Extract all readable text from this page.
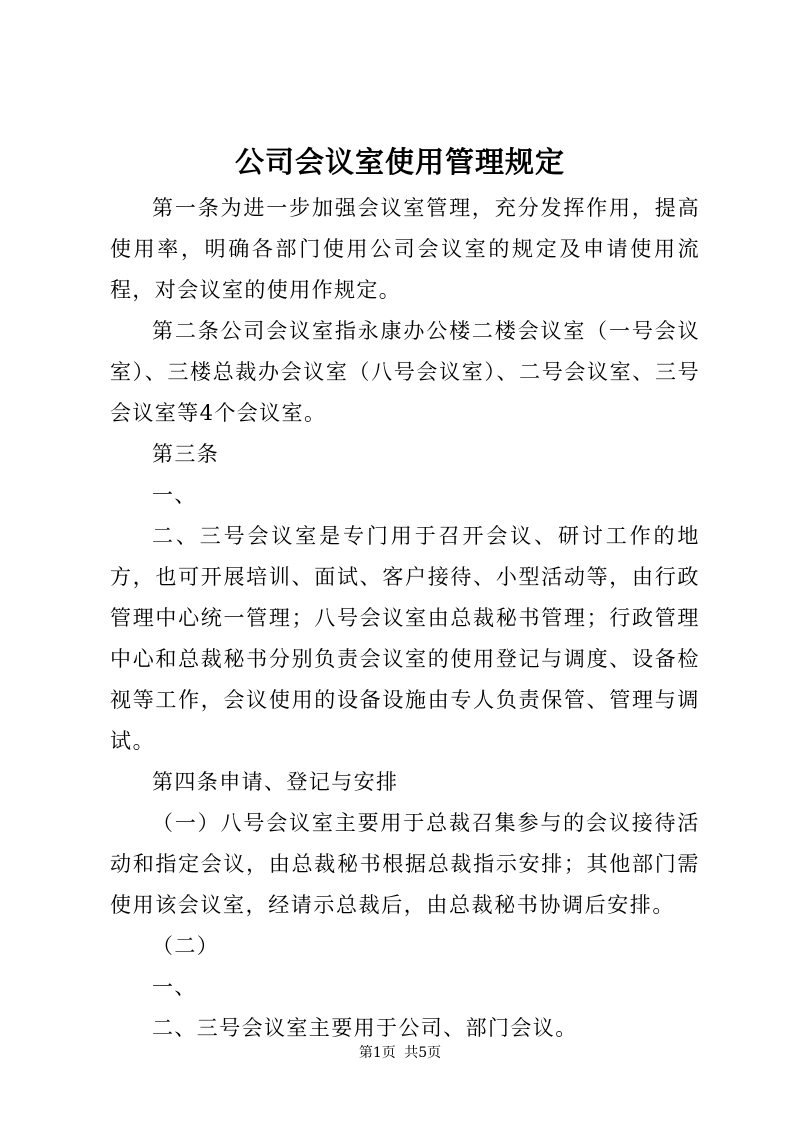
公司会议室使用管理规定

第一条为进一步加强会议室管理，充分发挥作用，提高使用率，明确各部门使用公司会议室的规定及申请使用流程，对会议室的使用作规定。

第二条公司会议室指永康办公楼二楼会议室（一号会议室）、三楼总裁办会议室（八号会议室）、二号会议室、三号会议室等4个会议室。

第三条

一、

二、三号会议室是专门用于召开会议、研讨工作的地方，也可开展培训、面试、客户接待、小型活动等，由行政管理中心统一管理；八号会议室由总裁秘书管理；行政管理中心和总裁秘书分别负责会议室的使用登记与调度、设备检视等工作，会议使用的设备设施由专人负责保管、管理与调试。

第四条申请、登记与安排

（一）八号会议室主要用于总裁召集参与的会议接待活动和指定会议，由总裁秘书根据总裁指示安排；其他部门需使用该会议室，经请示总裁后，由总裁秘书协调后安排。

（二）

一、

二、三号会议室主要用于公司、部门会议。

第1页 共5页
